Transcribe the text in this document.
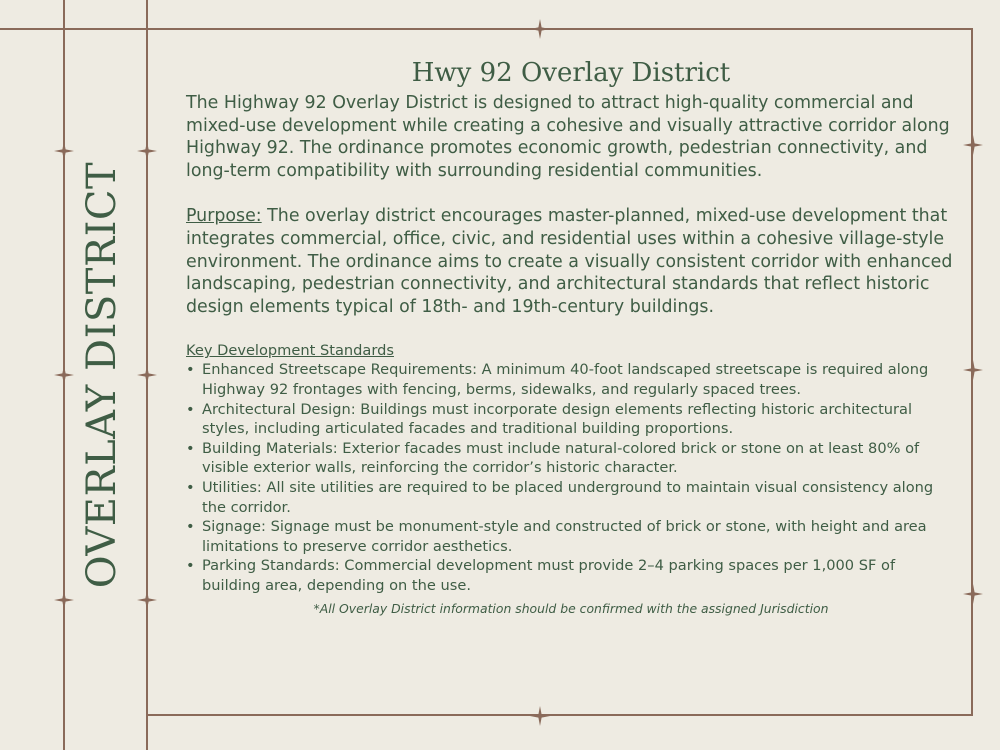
OVERLAY DISTRICT
Hwy 92 Overlay District

The Highway 92 Overlay District is designed to attract high-quality commercial and mixed-use development while creating a cohesive and visually attractive corridor along Highway 92. The ordinance promotes economic growth, pedestrian connectivity, and long-term compatibility with surrounding residential communities.

Purpose: The overlay district encourages master-planned, mixed-use development that integrates commercial, office, civic, and residential uses within a cohesive village-style environment. The ordinance aims to create a visually consistent corridor with enhanced landscaping, pedestrian connectivity, and architectural standards that reflect historic design elements typical of 18th- and 19th-century buildings.

Key Development Standards

• Enhanced Streetscape Requirements: A minimum 40-foot landscaped streetscape is required along Highway 92 frontages with fencing, berms, sidewalks, and regularly spaced trees.
• Architectural Design: Buildings must incorporate design elements reflecting historic architectural styles, including articulated facades and traditional building proportions.
• Building Materials: Exterior facades must include natural-colored brick or stone on at least 80% of visible exterior walls, reinforcing the corridor’s historic character.
• Utilities: All site utilities are required to be placed underground to maintain visual consistency along the corridor.
• Signage: Signage must be monument-style and constructed of brick or stone, with height and area limitations to preserve corridor aesthetics.
• Parking Standards: Commercial development must provide 2–4 parking spaces per 1,000 SF of building area, depending on the use.
*All Overlay District information should be confirmed with the assigned Jurisdiction
